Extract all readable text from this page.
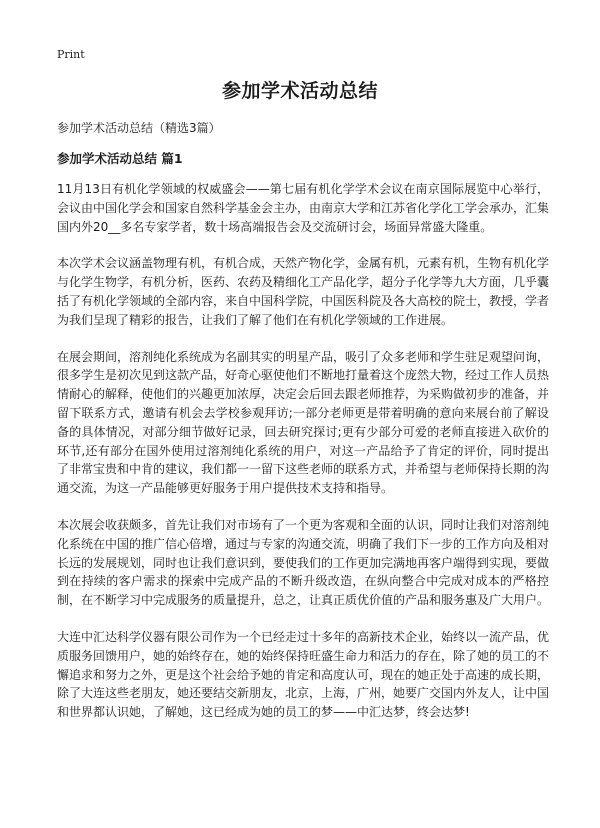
Print
参加学术活动总结
参加学术活动总结（精选3篇）
参加学术活动总结 篇1

11月13日有机化学领域的权威盛会——第七届有机化学学术会议在南京国际展览中心举行，会议由中国化学会和国家自然科学基金会主办，由南京大学和江苏省化学化工学会承办，汇集国内外20__多名专家学者，数十场高端报告会及交流研讨会，场面异常盛大隆重。

本次学术会议涵盖物理有机，有机合成，天然产物化学，金属有机，元素有机，生物有机化学与化学生物学，有机分析，医药、农药及精细化工产品化学，超分子化学等九大方面，几乎囊括了有机化学领域的全部内容，来自中国科学院，中国医科院及各大高校的院士，教授，学者为我们呈现了精彩的报告，让我们了解了他们在有机化学领域的工作进展。

在展会期间，溶剂纯化系统成为名副其实的明星产品，吸引了众多老师和学生驻足观望问询，很多学生是初次见到这款产品，好奇心驱使他们不断地打量着这个庞然大物，经过工作人员热情耐心的解释，使他们的兴趣更加浓厚，决定会后回去跟老师推荐，为采购做初步的准备，并留下联系方式，邀请有机会去学校参观拜访;一部分老师更是带着明确的意向来展台前了解设备的具体情况，对部分细节做好记录，回去研究探讨;更有少部分可爱的老师直接进入砍价的环节,还有部分在国外使用过溶剂纯化系统的用户，对这一产品给予了肯定的评价，同时提出了非常宝贵和中肯的建议，我们都一一留下这些老师的联系方式，并希望与老师保持长期的沟通交流，为这一产品能够更好服务于用户提供技术支持和指导。

本次展会收获颇多，首先让我们对市场有了一个更为客观和全面的认识，同时让我们对溶剂纯化系统在中国的推广信心倍增，通过与专家的沟通交流，明确了我们下一步的工作方向及相对长远的发展规划，同时也让我们意识到，要使我们的工作更加完满地再客户端得到实现，要做到在持续的客户需求的探索中完成产品的不断升级改造，在纵向整合中完成对成本的严格控制，在不断学习中完成服务的质量提升，总之，让真正质优价值的产品和服务惠及广大用户。

大连中汇达科学仪器有限公司作为一个已经走过十多年的高新技术企业，始终以一流产品，优质服务回馈用户，她的始终存在，她的始终保持旺盛生命力和活力的存在，除了她的员工的不懈追求和努力之外，更是这个社会给予她的肯定和高度认可，现在的她正处于高速的成长期，除了大连这些老朋友，她还要结交新朋友，北京，上海，广州，她要广交国内外友人，让中国和世界都认识她，了解她，这已经成为她的员工的梦——中汇达梦，终会达梦!
